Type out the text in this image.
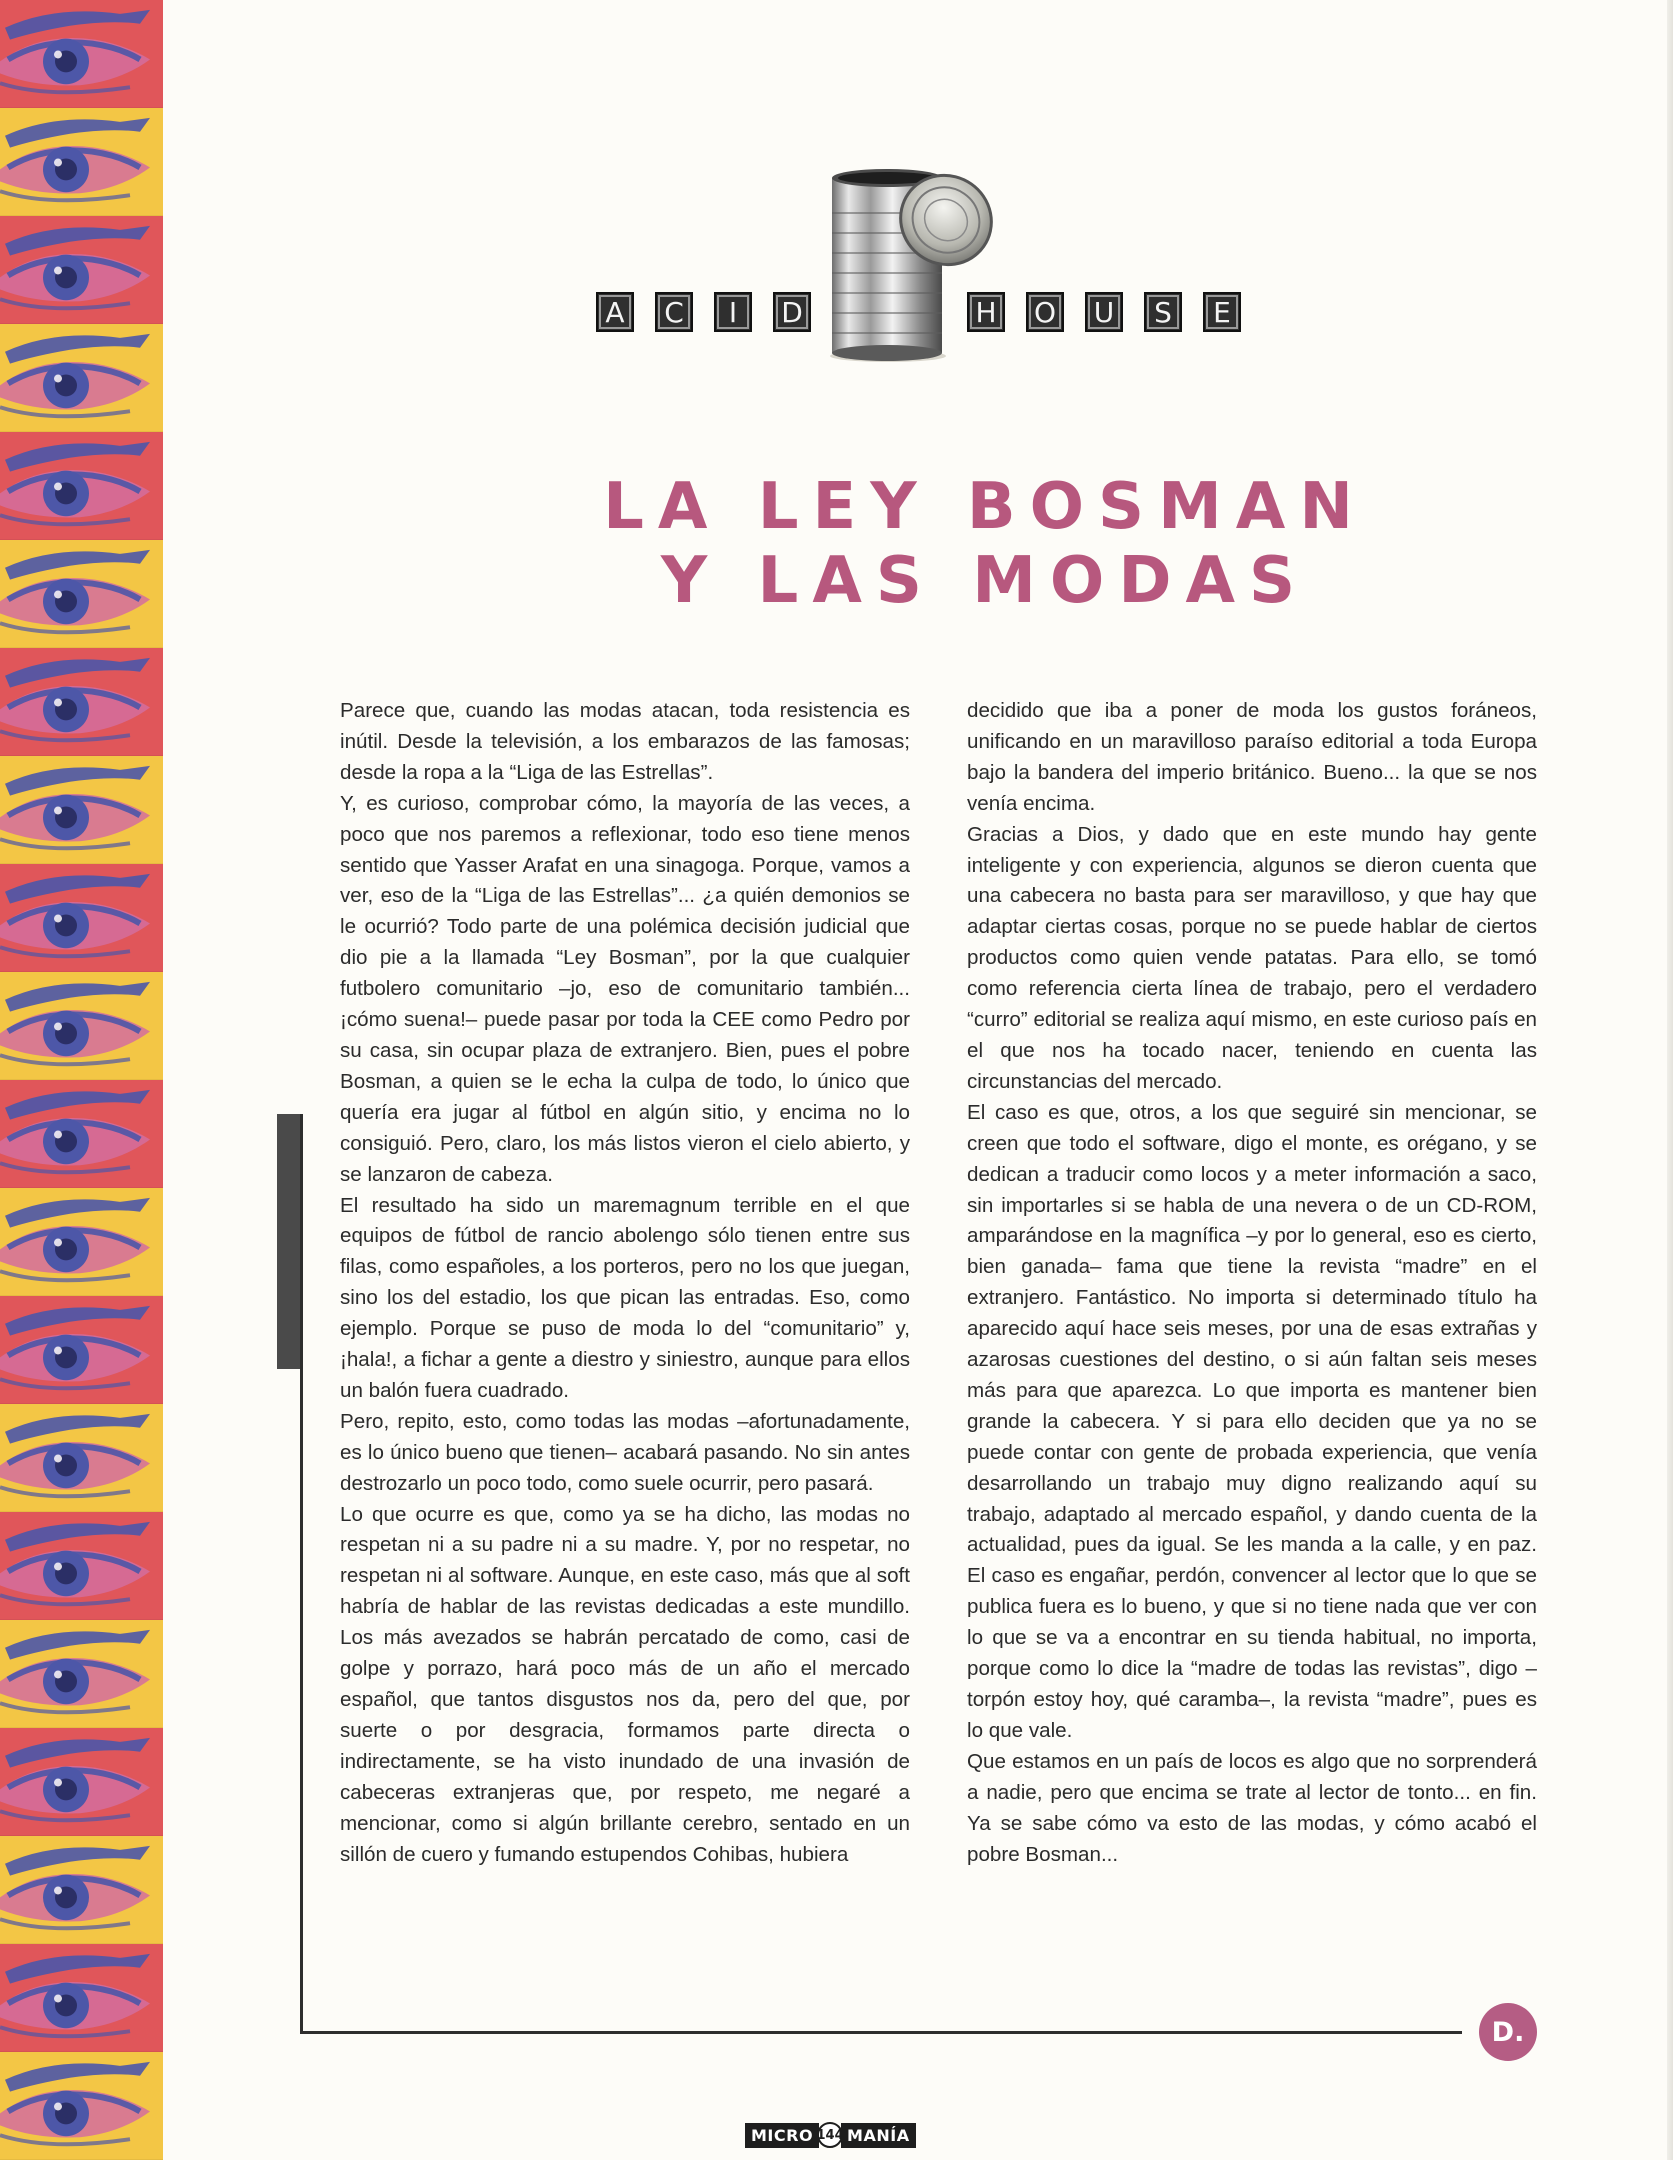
A	C	I	D	H	O	U	S	E
LA LEY BOSMAN
Y LAS MODAS

Parece que, cuando las modas atacan, toda resistencia es inútil. Desde la televisión, a los embarazos de las famosas; desde la ropa a la “Liga de las Estrellas”.

Y, es curioso, comprobar cómo, la mayoría de las veces, a poco que nos paremos a reflexionar, todo eso tiene menos sentido que Yasser Arafat en una sinagoga. Porque, vamos a ver, eso de la “Liga de las Estrellas”... ¿a quién demonios se le ocurrió? Todo parte de una polémica decisión judicial que dio pie a la llamada “Ley Bosman”, por la que cualquier futbolero comunitario –jo, eso de comunitario también... ¡cómo suena!– puede pasar por toda la CEE como Pedro por su casa, sin ocupar plaza de extranjero. Bien, pues el pobre Bosman, a quien se le echa la culpa de todo, lo único que quería era jugar al fútbol en algún sitio, y encima no lo consiguió. Pero, claro, los más listos vieron el cielo abierto, y se lanzaron de cabeza.

El resultado ha sido un maremagnum terrible en el que equipos de fútbol de rancio abolengo sólo tienen entre sus filas, como españoles, a los porteros, pero no los que juegan, sino los del estadio, los que pican las entradas. Eso, como ejemplo. Porque se puso de moda lo del “comunitario” y, ¡hala!, a fichar a gente a diestro y siniestro, aunque para ellos un balón fuera cuadrado.

Pero, repito, esto, como todas las modas –afortunadamente, es lo único bueno que tienen– acabará pasando. No sin antes destrozarlo un poco todo, como suele ocurrir, pero pasará.

Lo que ocurre es que, como ya se ha dicho, las modas no respetan ni a su padre ni a su madre. Y, por no respetar, no respetan ni al software. Aunque, en este caso, más que al soft habría de hablar de las revistas dedicadas a este mundillo. Los más avezados se habrán percatado de como, casi de golpe y porrazo, hará poco más de un año el mercado español, que tantos disgustos nos da, pero del que, por suerte o por desgracia, formamos parte directa o indirectamente, se ha visto inundado de una invasión de cabeceras extranjeras que, por respeto, me negaré a mencionar, como si algún brillante cerebro, sentado en un sillón de cuero y fumando estupendos Cohibas, hubiera

decidido que iba a poner de moda los gustos foráneos, unificando en un maravilloso paraíso editorial a toda Europa bajo la bandera del imperio británico. Bueno... la que se nos venía encima.

Gracias a Dios, y dado que en este mundo hay gente inteligente y con experiencia, algunos se dieron cuenta que una cabecera no basta para ser maravilloso, y que hay que adaptar ciertas cosas, porque no se puede hablar de ciertos productos como quien vende patatas. Para ello, se tomó como referencia cierta línea de trabajo, pero el verdadero “curro” editorial se realiza aquí mismo, en este curioso país en el que nos ha tocado nacer, teniendo en cuenta las circunstancias del mercado.

El caso es que, otros, a los que seguiré sin mencionar, se creen que todo el software, digo el monte, es orégano, y se dedican a traducir como locos y a meter información a saco, sin importarles si se habla de una nevera o de un CD-ROM, amparándose en la magnífica –y por lo general, eso es cierto, bien ganada– fama que tiene la revista “madre” en el extranjero. Fantástico. No importa si determinado título ha aparecido aquí hace seis meses, por una de esas extrañas y azarosas cuestiones del destino, o si aún faltan seis meses más para que aparezca. Lo que importa es mantener bien grande la cabecera. Y si para ello deciden que ya no se puede contar con gente de probada experiencia, que venía desarrollando un trabajo muy digno realizando aquí su trabajo, adaptado al mercado español, y dando cuenta de la actualidad, pues da igual. Se les manda a la calle, y en paz. El caso es engañar, perdón, convencer al lector que lo que se publica fuera es lo bueno, y que si no tiene nada que ver con lo que se va a encontrar en su tienda habitual, no importa, porque como lo dice la “madre de todas las revistas”, digo –torpón estoy hoy, qué caramba–, la revista “madre”, pues es lo que vale.

Que estamos en un país de locos es algo que no sorprenderá a nadie, pero que encima se trate al lector de tonto... en fin. Ya se sabe cómo va esto de las modas, y cómo acabó el pobre Bosman...

D.
MICRO 144 MANÍA
